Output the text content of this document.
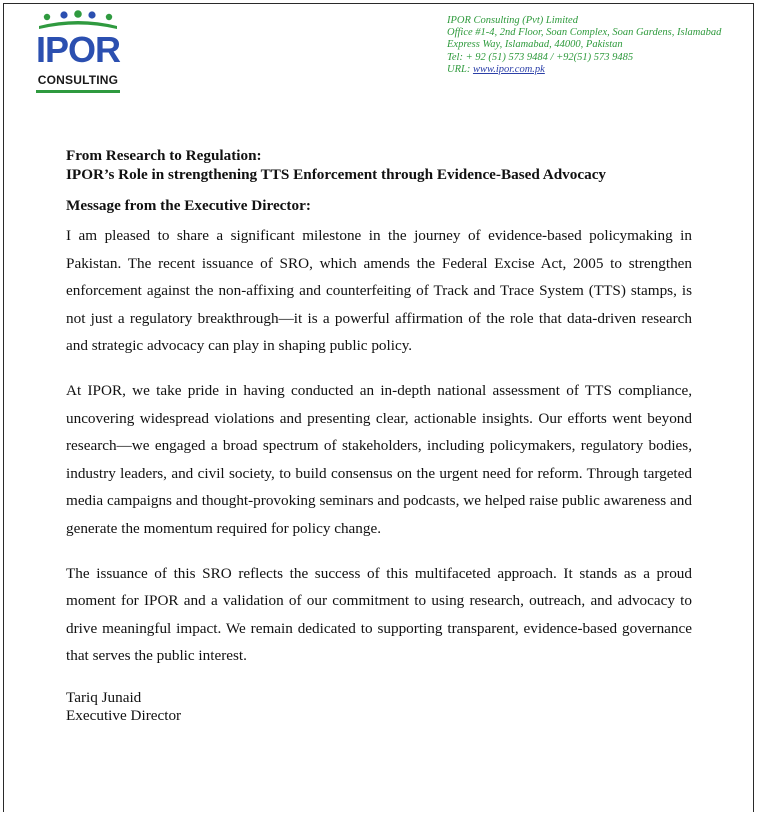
IPOR
CONSULTING
IPOR Consulting (Pvt) Limited
Office #1-4, 2nd Floor, Soan Complex, Soan Gardens, Islamabad
Express Way, Islamabad, 44000, Pakistan
Tel: + 92 (51) 573 9484 / +92(51) 573 9485
URL: www.ipor.com.pk
From Research to Regulation:
IPOR’s Role in strengthening TTS Enforcement through Evidence-Based Advocacy
Message from the Executive Director:

I am pleased to share a significant milestone in the journey of evidence-based policymaking in Pakistan. The recent issuance of SRO, which amends the Federal Excise Act, 2005 to strengthen enforcement against the non-affixing and counterfeiting of Track and Trace System (TTS) stamps, is not just a regulatory breakthrough—it is a powerful affirmation of the role that data-driven research and strategic advocacy can play in shaping public policy.

At IPOR, we take pride in having conducted an in-depth national assessment of TTS compliance, uncovering widespread violations and presenting clear, actionable insights. Our efforts went beyond research—we engaged a broad spectrum of stakeholders, including policymakers, regulatory bodies, industry leaders, and civil society, to build consensus on the urgent need for reform. Through targeted media campaigns and thought-provoking seminars and podcasts, we helped raise public awareness and generate the momentum required for policy change.

The issuance of this SRO reflects the success of this multifaceted approach. It stands as a proud moment for IPOR and a validation of our commitment to using research, outreach, and advocacy to drive meaningful impact. We remain dedicated to supporting transparent, evidence-based governance that serves the public interest.

Tariq Junaid
Executive Director
